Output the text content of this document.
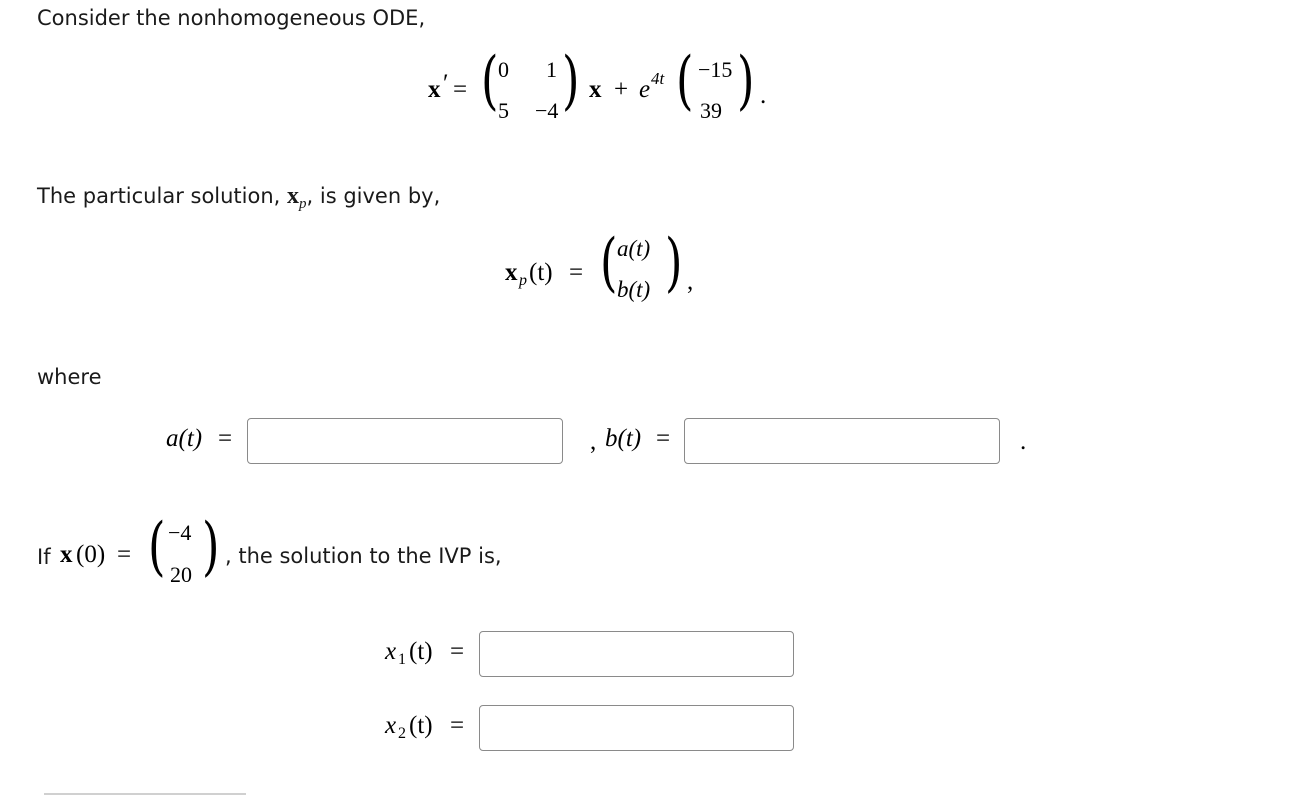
Consider the nonhomogeneous ODE,
x ′ = ( 0 1
5 −4 ) x + e 4t ( −15
39 ) .
The particular solution, $x_p$, is given by,
x p (t) = ( a(t)
b(t) ) ,
where
a(t) =	, b(t) =	.
If x (0) = ( −4
20 ) , the solution to the IVP is,
x 1 (t) =
x 2 (t) =
